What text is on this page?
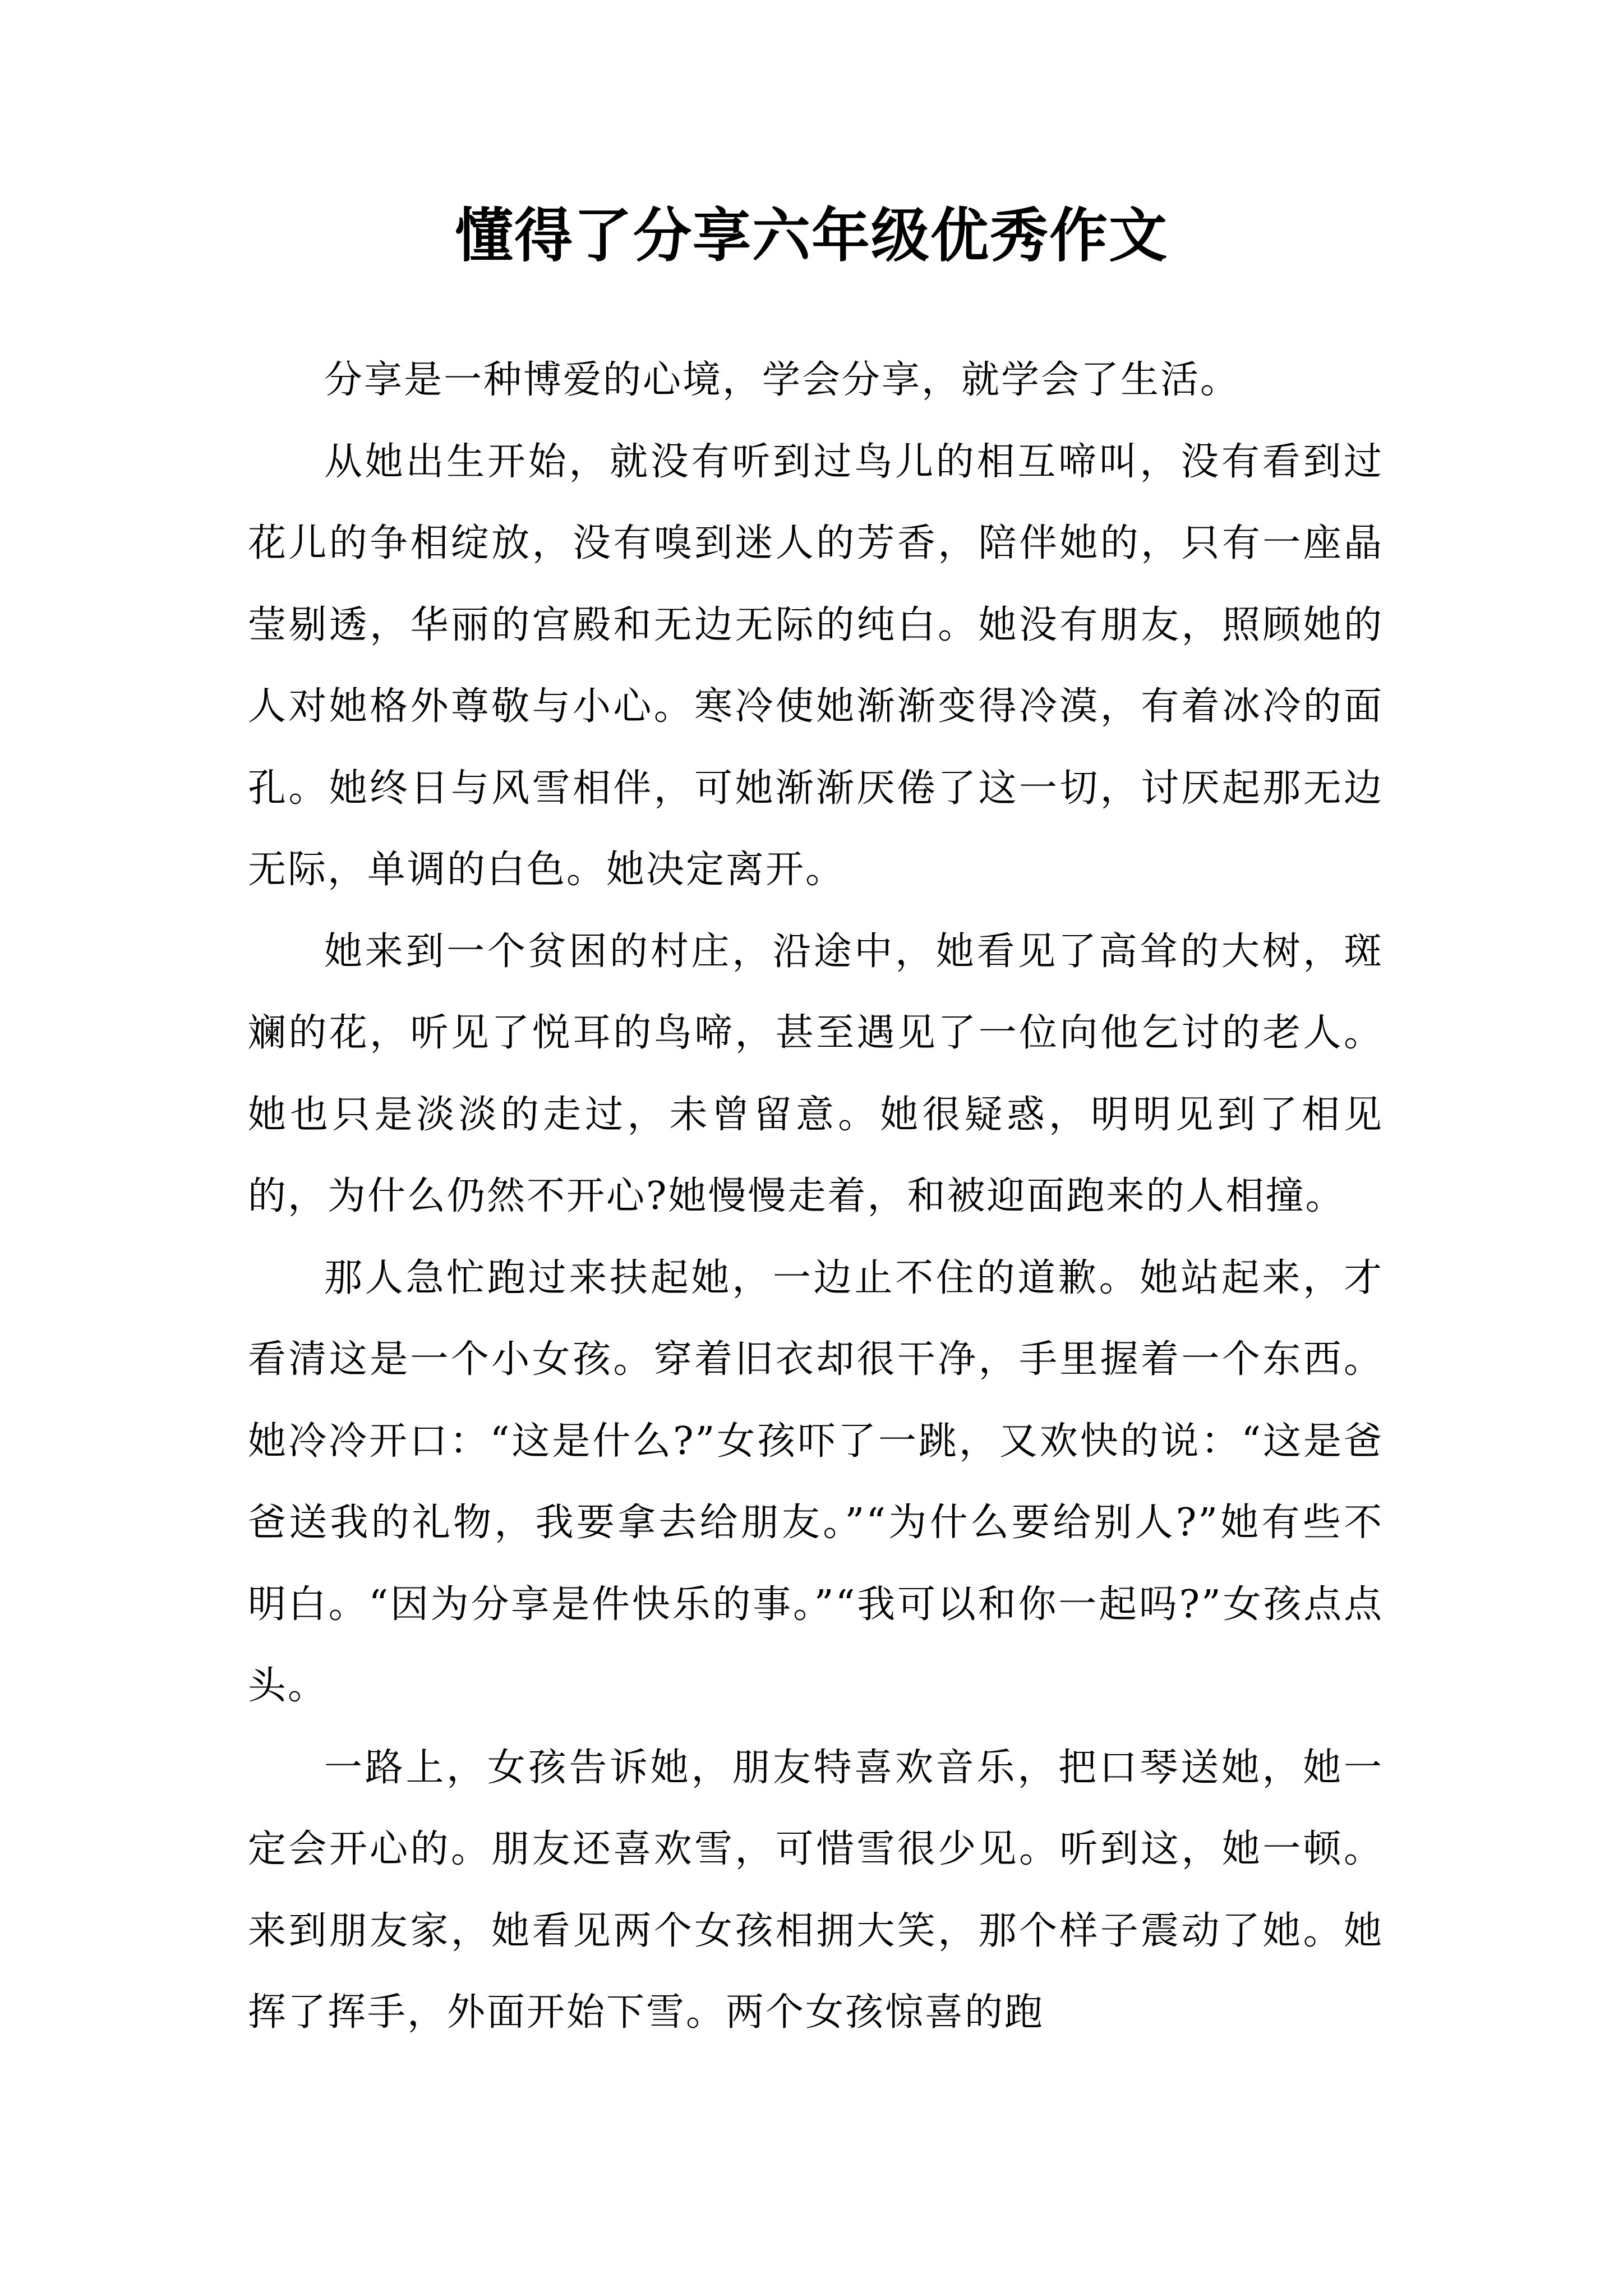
懂得了分享六年级优秀作文

分享是一种博爱的心境，学会分享，就学会了生活。

从她出生开始，就没有听到过鸟儿的相互啼叫，没有看到过花儿的争相绽放，没有嗅到迷人的芳香，陪伴她的，只有一座晶莹剔透，华丽的宫殿和无边无际的纯白。她没有朋友，照顾她的人对她格外尊敬与小心。寒冷使她渐渐变得冷漠，有着冰冷的面孔。她终日与风雪相伴，可她渐渐厌倦了这一切，讨厌起那无边无际，单调的白色。她决定离开。

她来到一个贫困的村庄，沿途中，她看见了高耸的大树，斑斓的花，听见了悦耳的鸟啼，甚至遇见了一位向他乞讨的老人。她也只是淡淡的走过，未曾留意。她很疑惑，明明见到了相见的，为什么仍然不开心?她慢慢走着，和被迎面跑来的人相撞。

那人急忙跑过来扶起她，一边止不住的道歉。她站起来，才看清这是一个小女孩。穿着旧衣却很干净，手里握着一个东西。她冷冷开口：“这是什么?”女孩吓了一跳，又欢快的说：“这是爸爸送我的礼物，我要拿去给朋友。”“为什么要给别人?”她有些不明白。“因为分享是件快乐的事。”“我可以和你一起吗?”女孩点点头。

一路上，女孩告诉她，朋友特喜欢音乐，把口琴送她，她一定会开心的。朋友还喜欢雪，可惜雪很少见。听到这，她一顿。来到朋友家，她看见两个女孩相拥大笑，那个样子震动了她。她挥了挥手，外面开始下雪。两个女孩惊喜的跑
